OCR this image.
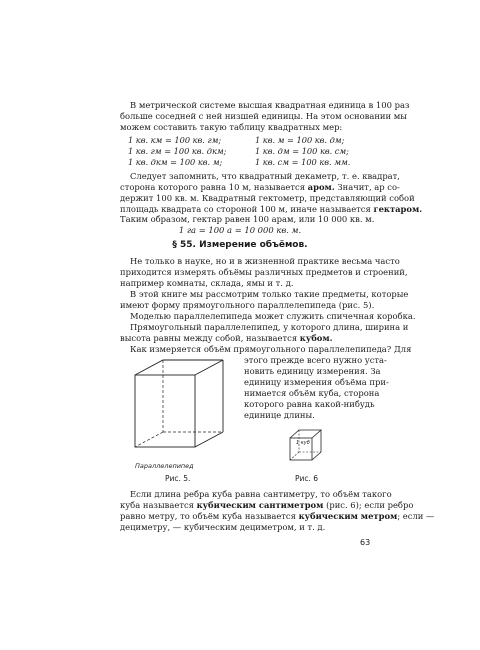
В метрической системе высшая квадратная единица в 100 раз
больше соседней с ней низшей единицы. На этом основании мы
можем составить такую таблицу квадратных мер:
1 кв. км = 100 кв. гм;
1 кв. гм = 100 кв. дкм;
1 кв. дкм = 100 кв. м;
1 кв. м = 100 кв. дм;
1 кв. дм = 100 кв. см;
1 кв. см = 100 кв. мм.
Следует запомнить, что квадратный декаметр, т. е. квадрат,
сторона которого равна 10 м, называется аром. Значит, ар со-
держит 100 кв. м. Квадратный гектометр, представляющий собой
площадь квадрата со стороной 100 м, иначе называется гектаром.
Таким образом, гектар равен 100 арам, или 10 000 кв. м.
1 га = 100 а = 10 000 кв. м.
§ 55. Измерение объёмов.
Не только в науке, но и в жизненной практике весьма часто
приходится измерять объёмы различных предметов и строений,
например комнаты, склада, ямы и т. д.
В этой книге мы рассмотрим только такие предметы, которые
имеют форму прямоугольного параллелепипеда (рис. 5).
Моделью параллелепипеда может служить спичечная коробка.
Прямоугольный параллелепипед, у которого длина, ширина и
высота равны между собой, называется кубом.
Как измеряется объём прямоугольного параллелепипеда? Для
этого прежде всего нужно уста-
новить единицу измерения. За
единицу измерения объёма при-
нимается объём куба, сторона
которого равна какой-нибудь
единице длины.
Параллелепипед
Рис. 5.
1 куб
Рис. 6
Если длина ребра куба равна сантиметру, то объём такого
куба называется кубическим сантиметром (рис. 6); если ребро
равно метру, то объём куба называется кубическим метром; если —
дециметру, — кубическим дециметром, и т. д.
63
